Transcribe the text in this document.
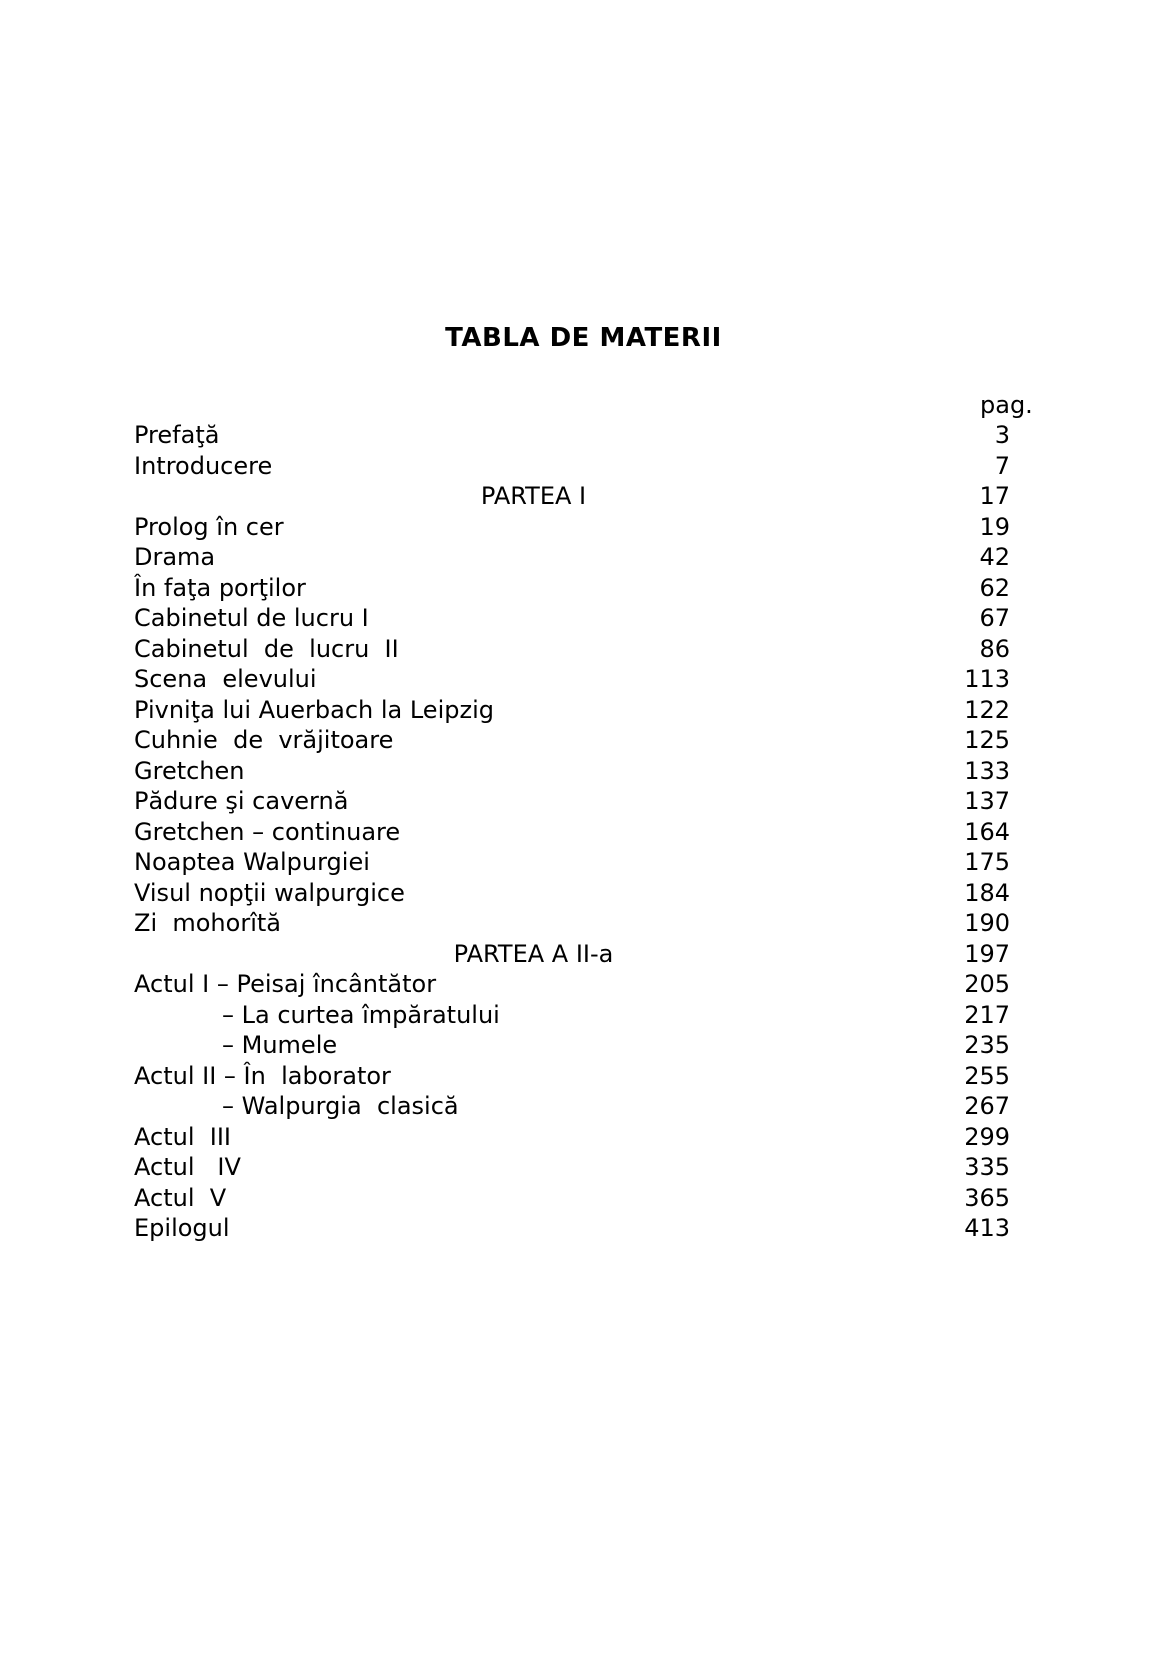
TABLA DE MATERII
pag.
Prefaţă	3
Introducere	7
PARTEA I	17
Prolog în cer	19
Drama	42
În faţa porţilor	62
Cabinetul de lucru I	67
Cabinetul  de  lucru  II	86
Scena  elevului	113
Pivniţa lui Auerbach la Leipzig	122
Cuhnie  de  vrăjitoare	125
Gretchen	133
Pădure şi cavernă	137
Gretchen – continuare	164
Noaptea Walpurgiei	175
Visul nopţii walpurgice	184
Zi  mohorîtă	190
PARTEA A II-a	197
Actul I – Peisaj încântător	205
– La curtea împăratului	217
– Mumele	235
Actul II – În  laborator	255
– Walpurgia  clasică	267
Actul  III	299
Actul   IV	335
Actul  V	365
Epilogul	413
